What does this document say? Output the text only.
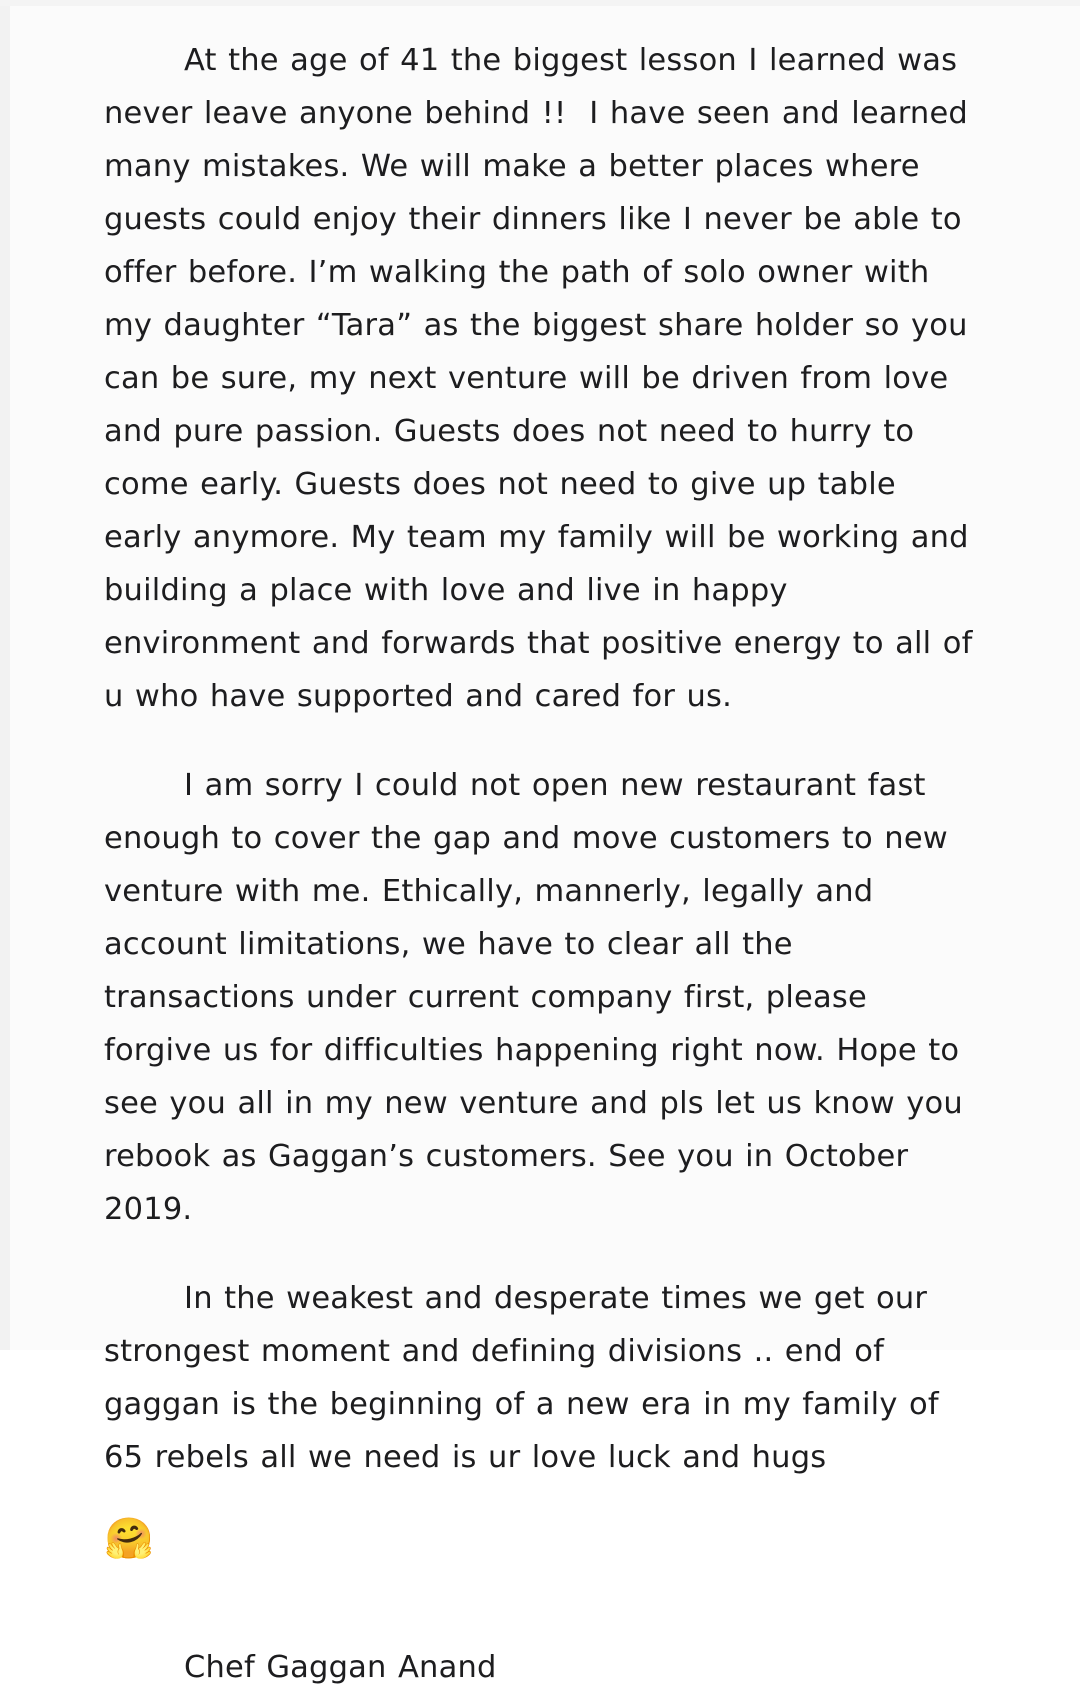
At the age of 41 the biggest lesson I learned was never leave anyone behind !!  I have seen and learned many mistakes. We will make a better places where guests could enjoy their dinners like I never be able to offer before. I’m walking the path of solo owner with my daughter “Tara” as the biggest share holder so you can be sure, my next venture will be driven from love and pure passion. Guests does not need to hurry to come early. Guests does not need to give up table early anymore. My team my family will be working and building a place with love and live in happy environment and forwards that positive energy to all of u who have supported and cared for us.

I am sorry I could not open new restaurant fast enough to cover the gap and move customers to new venture with me. Ethically, mannerly, legally and account limitations, we have to clear all the transactions under current company first, please forgive us for difficulties happening right now. Hope to see you all in my new venture and pls let us know you rebook as Gaggan’s customers. See you in October 2019.

In the weakest and desperate times we get our strongest moment and defining divisions .. end of gaggan is the beginning of a new era in my family of 65 rebels all we need is ur love luck and hugs

🤗

Chef Gaggan Anand
